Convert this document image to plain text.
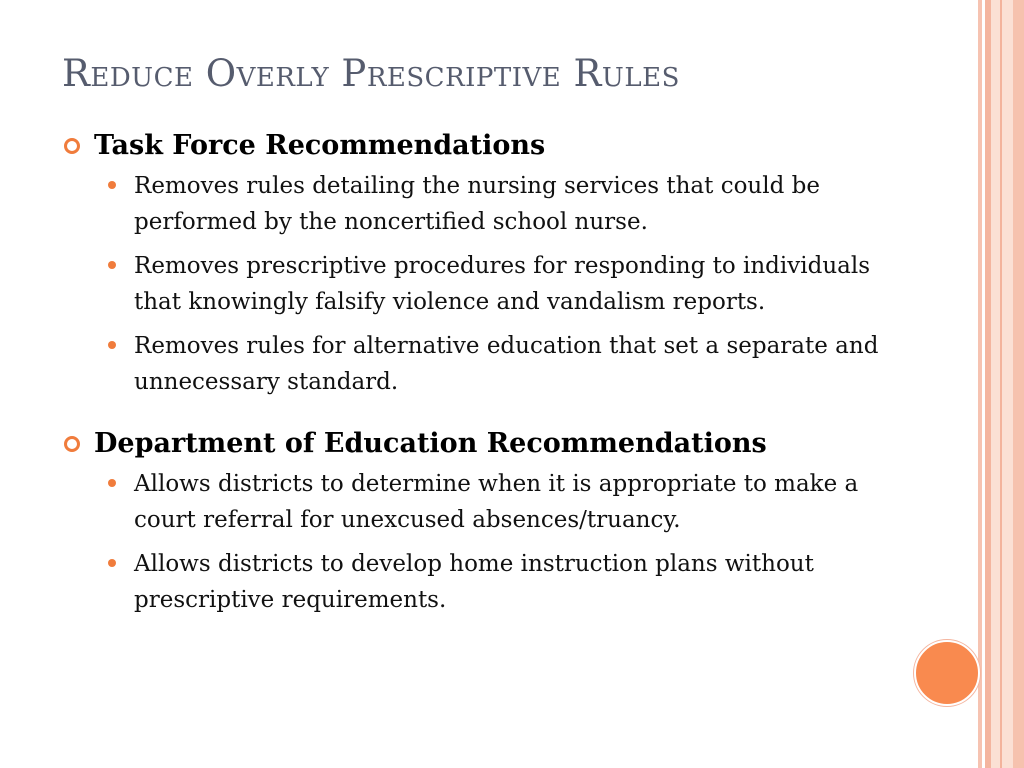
Reduce Overly Prescriptive Rules
Task Force Recommendations
Removes rules detailing the nursing services that could be performed by the noncertified school nurse.
Removes prescriptive procedures for responding to individuals that knowingly falsify violence and vandalism reports.
Removes rules for alternative education that set a separate and unnecessary standard.
Department of Education Recommendations
Allows districts to determine when it is appropriate to make a court referral for unexcused absences/truancy.
Allows districts to develop home instruction plans without prescriptive requirements.
